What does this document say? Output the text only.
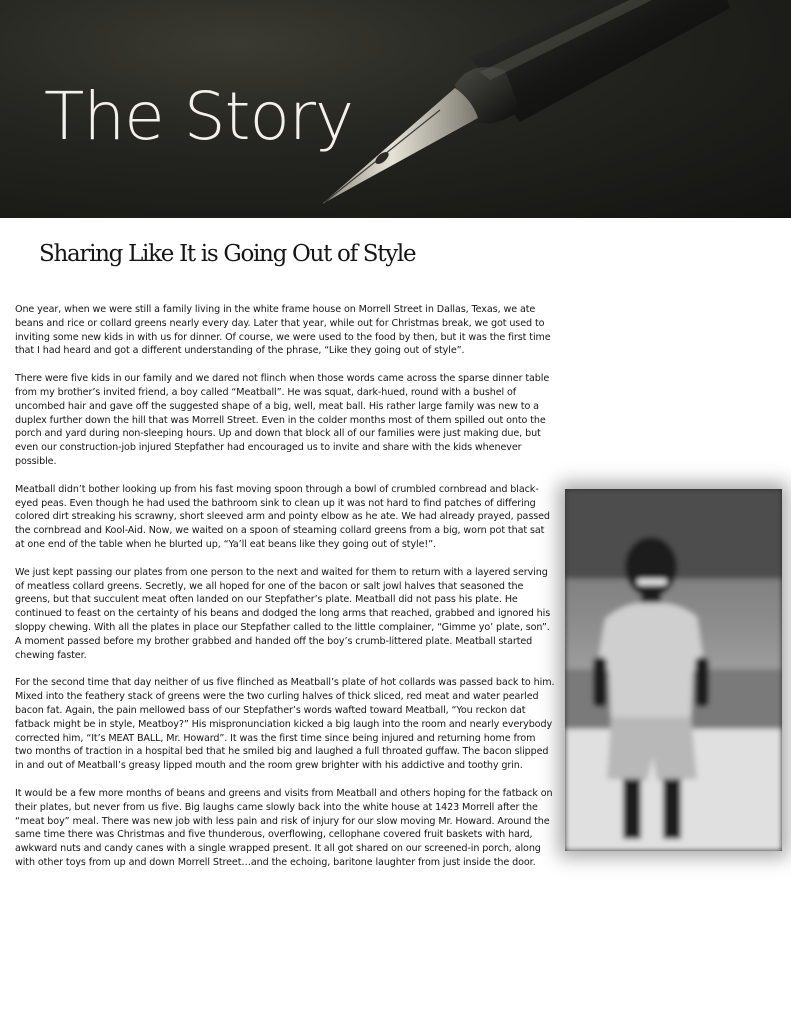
The Story
Sharing Like It is Going Out of Style

One year, when we were still a family living in the white frame house on Morrell Street in Dallas, Texas, we ate beans and rice or collard greens nearly every day. Later that year, while out for Christmas break, we got used to inviting some new kids in with us for dinner. Of course, we were used to the food by then, but it was the first time that I had heard and got a different understanding of the phrase, “Like they going out of style”.

There were five kids in our family and we dared not flinch when those words came across the sparse dinner table from my brother’s invited friend, a boy called “Meatball”. He was squat, dark-hued, round with a bushel of uncombed hair and gave off the suggested shape of a big, well, meat ball. His rather large family was new to a duplex further down the hill that was Morrell Street. Even in the colder months most of them spilled out onto the porch and yard during non-sleeping hours. Up and down that block all of our families were just making due, but even our construction-job injured Stepfather had encouraged us to invite and share with the kids whenever possible.

Meatball didn’t bother looking up from his fast moving spoon through a bowl of crumbled cornbread and black-eyed peas. Even though he had used the bathroom sink to clean up it was not hard to find patches of differing colored dirt streaking his scrawny, short sleeved arm and pointy elbow as he ate. We had already prayed, passed the cornbread and Kool-Aid. Now, we waited on a spoon of steaming collard greens from a big, worn pot that sat at one end of the table when he blurted up, “Ya’ll eat beans like they going out of style!”.

We just kept passing our plates from one person to the next and waited for them to return with a layered serving of meatless collard greens. Secretly, we all hoped for one of the bacon or salt jowl halves that seasoned the greens, but that succulent meat often landed on our Stepfather’s plate. Meatball did not pass his plate. He continued to feast on the certainty of his beans and dodged the long arms that reached, grabbed and ignored his sloppy chewing. With all the plates in place our Stepfather called to the little complainer, “Gimme yo’ plate, son”. A moment passed before my brother grabbed and handed off the boy’s crumb-littered plate. Meatball started chewing faster.

For the second time that day neither of us five flinched as Meatball’s plate of hot collards was passed back to him. Mixed into the feathery stack of greens were the two curling halves of thick sliced, red meat and water pearled bacon fat. Again, the pain mellowed bass of our Stepfather’s words wafted toward Meatball, “You reckon dat fatback might be in style, Meatboy?” His mispronunciation kicked a big laugh into the room and nearly everybody corrected him, “It’s MEAT BALL, Mr. Howard”. It was the first time since being injured and returning home from two months of traction in a hospital bed that he smiled big and laughed a full throated guffaw. The bacon slipped in and out of Meatball’s greasy lipped mouth and the room grew brighter with his addictive and toothy grin.

It would be a few more months of beans and greens and visits from Meatball and others hoping for the fatback on their plates, but never from us five. Big laughs came slowly back into the white house at 1423 Morrell after the “meat boy” meal. There was new job with less pain and risk of injury for our slow moving Mr. Howard. Around the same time there was Christmas and five thunderous, overflowing, cellophane covered fruit baskets with hard, awkward nuts and candy canes with a single wrapped present. It all got shared on our screened-in porch, along with other toys from up and down Morrell Street…and the echoing, baritone laughter from just inside the door.
